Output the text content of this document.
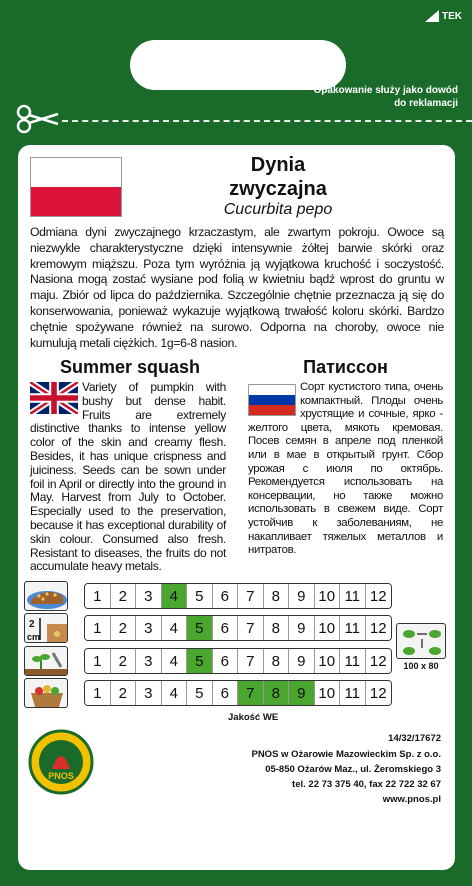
TEK
Opakowanie służy jako dowód do reklamacji
Dynia
zwyczajna
Cucurbita pepo
Odmiana dyni zwyczajnego krzaczastym, ale zwartym pokroju. Owoce są niezwykle charakterystyczne dzięki intensywnie żółtej barwie skórki oraz kremowym miąższu. Poza tym wyróżnia ją wyjątkowa kruchość i soczystość. Nasiona mogą zostać wysiane pod folią w kwietniu bądź wprost do gruntu w maju. Zbiór od lipca do października. Szczególnie chętnie przeznacza ją się do konserwowania, ponieważ wykazuje wyjątkową trwałość koloru skórki. Bardzo chętnie spożywane również na surowo. Odporna na choroby, owoce nie kumulują metali ciężkich. 1g=6-8 nasion.
Summer squash	Патиссон
Variety of pumpkin with bushy but dense habit. Fruits are extremely distinctive thanks to intense yellow color of the skin and creamy flesh. Besides, it has unique crispness and juiciness. Seeds can be sown under foil in April or directly into the ground in May. Harvest from July to October. Especially used to the preservation, because it has exceptional durability of skin colour. Consumed also fresh. Resistant to diseases, the fruits do not accumulate heavy metals.
Сорт кустистого типа, очень компактный. Плоды очень хрустящие и сочные, ярко - желтого цвета, мякоть кремовая. Посев семян в апреле под пленкой или в мае в открытый грунт. Сбор урожая с июля по октябрь. Рекомендуется использовать на консервации, но также можно использовать в свежем виде. Сорт устойчив к заболеваниям, не накапливает тяжелых металлов и нитратов.
1	2	3	4	5	6	7	8	9 10 11 12
2
cm
1	2	3	4	5	6	7	8	9 10 11 12
1	2	3	4	5	6	7	8	9 10 11 12
1	2	3	4	5	6	7	8	9 10 11 12
100 x 80
PNOS
Jakość WE
14/32/17672
PNOS w Ożarowie Mazowieckim Sp. z o.o.
05-850 Ożarów Maz., ul. Żeromskiego 3
tel. 22 73 375 40, fax 22 722 32 67
www.pnos.pl
